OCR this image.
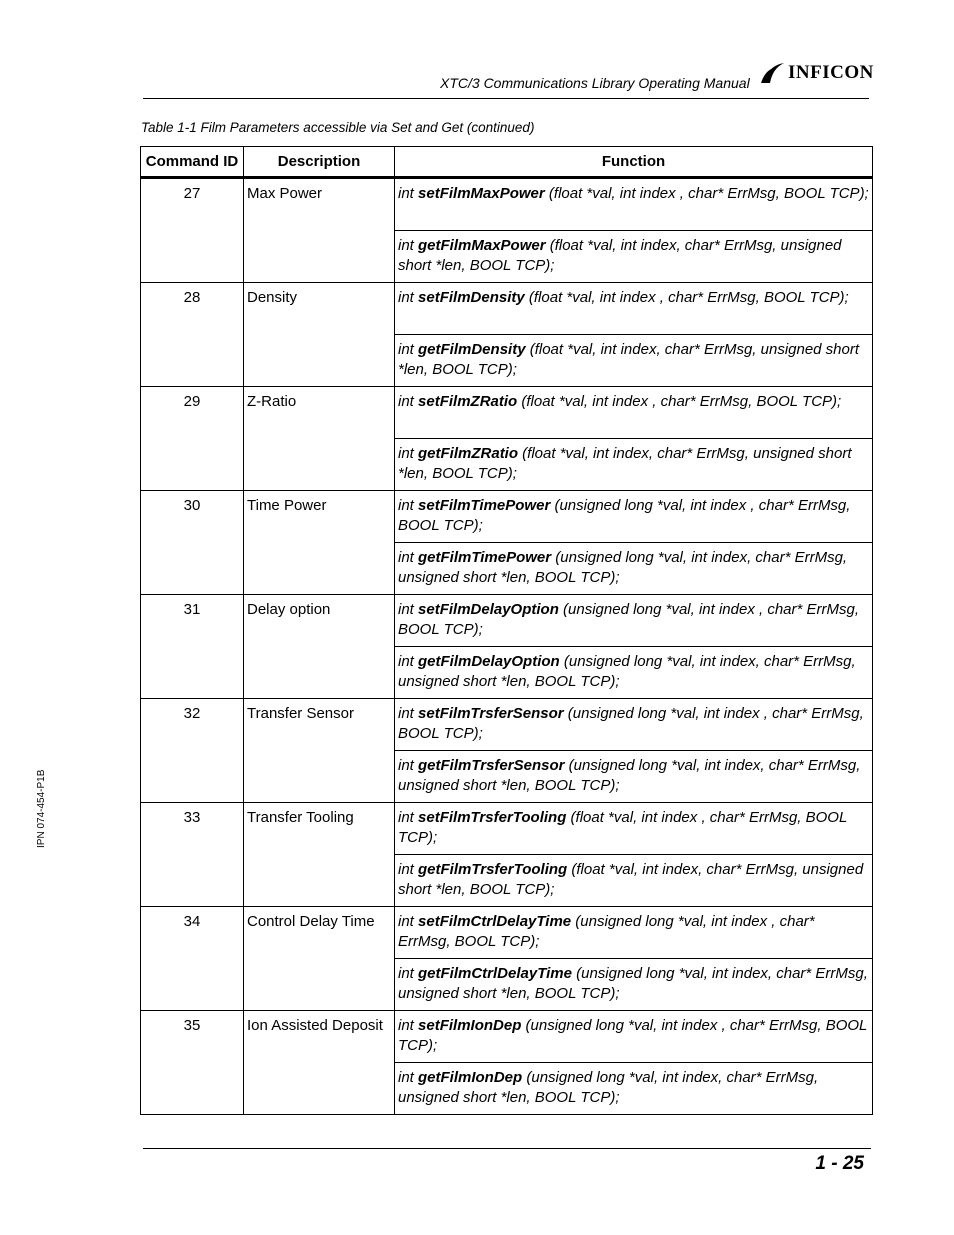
XTC/3 Communications Library Operating Manual INFICON
Table 1-1 Film Parameters accessible via Set and Get (continued)
Command ID	Description	Function
27	Max Power	int setFilmMaxPower (float *val, int index , char* ErrMsg, BOOL TCP);
		int getFilmMaxPower (float *val, int index, char* ErrMsg, unsigned short *len, BOOL TCP);
28	Density	int setFilmDensity (float *val, int index , char* ErrMsg, BOOL TCP);
		int getFilmDensity (float *val, int index, char* ErrMsg, unsigned short *len, BOOL TCP);
29	Z-Ratio	int setFilmZRatio (float *val, int index , char* ErrMsg, BOOL TCP);
		int getFilmZRatio (float *val, int index, char* ErrMsg, unsigned short *len, BOOL TCP);
30	Time Power	int setFilmTimePower (unsigned long *val, int index , char* ErrMsg, BOOL TCP);
		int getFilmTimePower (unsigned long *val, int index, char* ErrMsg, unsigned short *len, BOOL TCP);
31	Delay option	int setFilmDelayOption (unsigned long *val, int index , char* ErrMsg, BOOL TCP);
		int getFilmDelayOption (unsigned long *val, int index, char* ErrMsg, unsigned short *len, BOOL TCP);
32	Transfer Sensor	int setFilmTrsferSensor (unsigned long *val, int index , char* ErrMsg, BOOL TCP);
		int getFilmTrsferSensor (unsigned long *val, int index, char* ErrMsg, unsigned short *len, BOOL TCP);
33	Transfer Tooling	int setFilmTrsferTooling (float *val, int index , char* ErrMsg, BOOL TCP);
		int getFilmTrsferTooling (float *val, int index, char* ErrMsg, unsigned short *len, BOOL TCP);
34	Control Delay Time	int setFilmCtrlDelayTime (unsigned long *val, int index , char* ErrMsg, BOOL TCP);
		int getFilmCtrlDelayTime (unsigned long *val, int index, char* ErrMsg, unsigned short *len, BOOL TCP);
35	Ion Assisted Deposit	int setFilmIonDep (unsigned long *val, int index , char* ErrMsg, BOOL TCP);
		int getFilmIonDep (unsigned long *val, int index, char* ErrMsg, unsigned short *len, BOOL TCP);
IPN 074-454-P1B
1 - 25
